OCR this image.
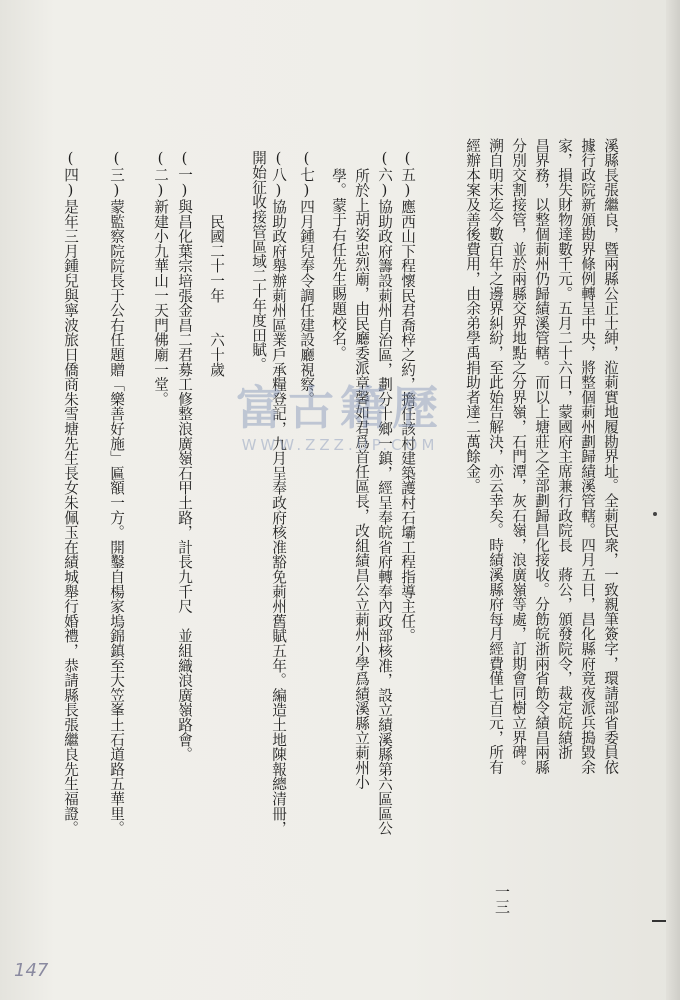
溪縣長張繼良，暨兩縣公正士紳，涖莿實地履勘界址。全莿民衆，一致親筆簽字，環請部省委員依
據行政院新頒勘界條例轉呈中央，將整個莿州劃歸績溪管轄。四月五日，昌化縣府竟夜派兵搗毀余
家，損失財物達數千元。五月二十六日，蒙國府主席兼行政院長　蔣公，頒發院令，裁定皖績浙
昌界務，以整個莿州仍歸績溪管轄。而以上塘莊之全部劃歸昌化接收。分飭皖浙兩省飭令績昌兩縣
分別交割接管，並於兩縣交界地點之分界嶺，石門潭，灰石嶺，浪廣嶺等處，訂期會同樹立界碑。
溯自明末迄今數百年之邊界糾紛，至此始告解決，亦云幸矣。時績溪縣府每月經費僅七百元，所有
經辦本案及善後費用，由余弟學禹捐助者達二萬餘金。
(五)應西山下程懷民君喬梓之約，擔任該村建築護村石壩工程指導主任。
(六)協助政府籌設莿州自治區，劃分十鄉一鎮，經呈奉皖省府轉奉內政部核准，設立績溪縣第六區區公
所於上胡姿忠烈廟，由民廳委派章馨如君爲首任區長，改組績昌公立莿州小學爲績溪縣立莿州小
學。蒙于右任先生賜題校名。
(七)四月鍾兒奉令調任建設廳視察。
(八)協助政府舉辦莿州區業戶承糧登記，九月呈奉政府核准豁免莿州舊賦五年。編造土地陳報總清冊，開始征收接管區域二十年度田賦。
民國二十一年　　六十歲
(一)與昌化葉宗培張金昌二君募工修整浪廣嶺石甲土路，計長九千尺　並組織浪廣嶺路會。
(二)新建小九華山一天門佛廟一堂。
(三)蒙監察院院長于公右任題贈「樂善好施」匾額一方。開鑿自楊家塢錦鎮至大笠峯土石道路五華里。
(四)是年三月鍾兒與寧波旅日僑商朱雪塘先生長女朱佩玉在績城舉行婚禮，恭請縣長張繼良先生福證。	富古籍歷
WWW.ZZZ.UP.COM
一三
147
